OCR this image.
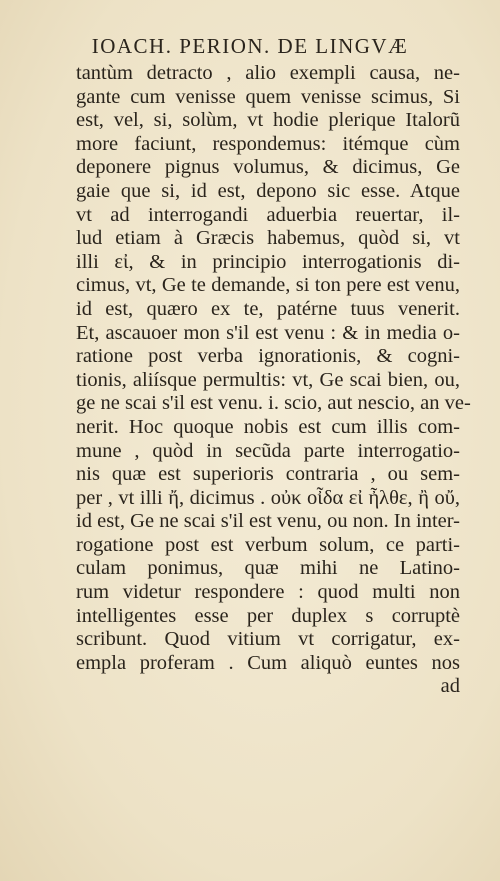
IOACH. PERION. DE LINGVÆ
tantùm detracto , alio exempli causa, ne-
gante cum venisse quem venisse scimus, Si
est, vel, si, solùm, vt hodie plerique Italorũ
more faciunt, respondemus: itémque cùm
deponere pignus volumus, & dicimus, Ge
gaie que si, id est, depono sic esse. Atque
vt ad interrogandi aduerbia reuertar, il-
lud etiam à Græcis habemus, quòd si, vt
illi εἰ, & in principio interrogationis di-
cimus, vt, Ge te demande, si ton pere est venu,
id est, quæro ex te, patérne tuus venerit.
Et, ascauoer mon s'il est venu : & in media o-
ratione post verba ignorationis, & cogni-
tionis, aliísque permultis: vt, Ge scai bien, ou,
ge ne scai s'il est venu. i. scio, aut nescio, an ve-
nerit. Hoc quoque nobis est cum illis com-
mune , quòd in secũda parte interrogatio-
nis quæ est superioris contraria , ou sem-
per , vt illi ἤ, dicimus . οὐκ οἶδα εἰ ἦλθε, ἢ οὔ,
id est, Ge ne scai s'il est venu, ou non. In inter-
rogatione post est verbum solum, ce parti-
culam ponimus, quæ mihi ne Latino-
rum videtur respondere : quod multi non
intelligentes esse per duplex s corruptè
scribunt. Quod vitium vt corrigatur, ex-
empla proferam . Cum aliquò euntes nos
ad
